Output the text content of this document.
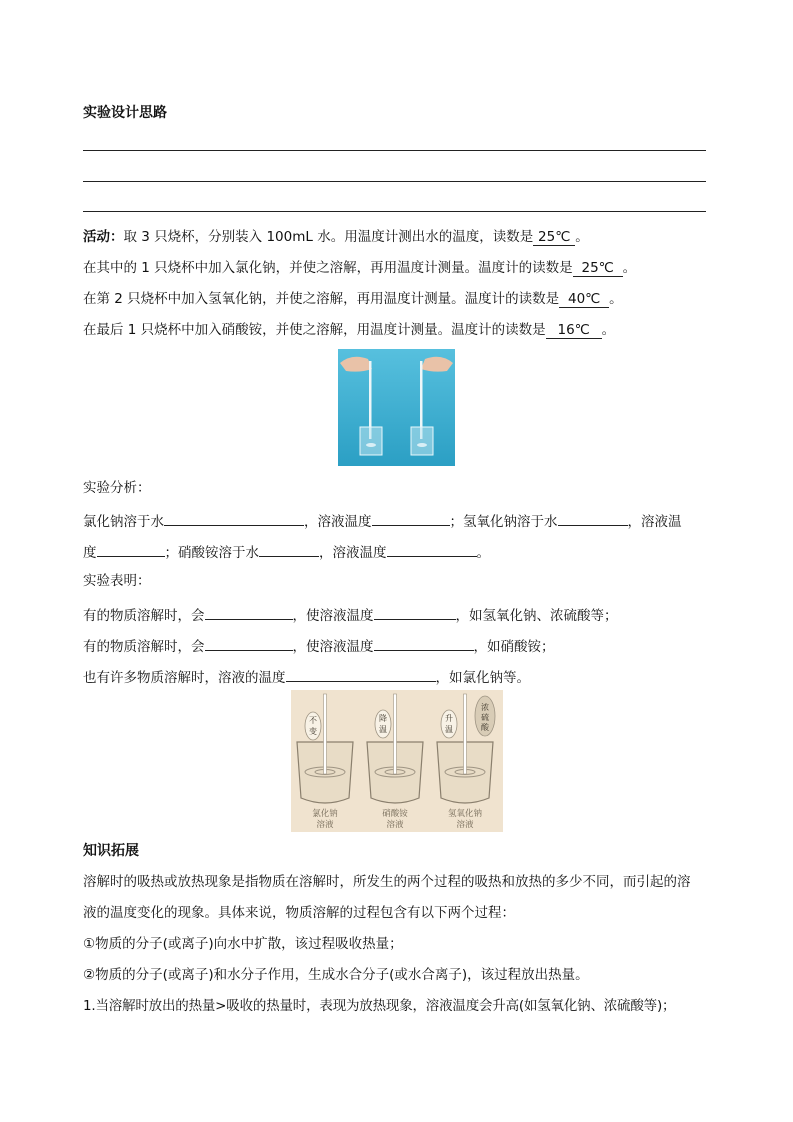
实验设计思路
活动：取 3 只烧杯，分别装入 100mL 水。用温度计测出水的温度，读数是 25℃ 。
在其中的 1 只烧杯中加入氯化钠，并使之溶解，再用温度计测量。温度计的读数是 25℃ 。
在第 2 只烧杯中加入氢氧化钠，并使之溶解，再用温度计测量。温度计的读数是 40℃ 。
在最后 1 只烧杯中加入硝酸铵，并使之溶解，用温度计测量。温度计的读数是 16℃ 。
实验分析：
氯化钠溶于水	，溶液温度	；氢氧化钠溶于水	，溶液温
度	；硝酸铵溶于水	，溶液温度	。
实验表明：
有的物质溶解时，会	，使溶液温度	，如氢氧化钠、浓硫酸等；
有的物质溶解时，会	，使溶液温度	，如硝酸铵；
也有许多物质溶解时，溶液的温度	，如氯化钠等。
不
变
降
温
升
温
浓
硫
酸
氯化钠
溶液
硝酸铵
溶液
氢氧化钠
溶液
知识拓展
溶解时的吸热或放热现象是指物质在溶解时，所发生的两个过程的吸热和放热的多少不同，而引起的溶
液的温度变化的现象。具体来说，物质溶解的过程包含有以下两个过程：
①物质的分子(或离子)向水中扩散，该过程吸收热量；
②物质的分子(或离子)和水分子作用，生成水合分子(或水合离子)，该过程放出热量。
1.当溶解时放出的热量>吸收的热量时，表现为放热现象，溶液温度会升高(如氢氧化钠、浓硫酸等)；
